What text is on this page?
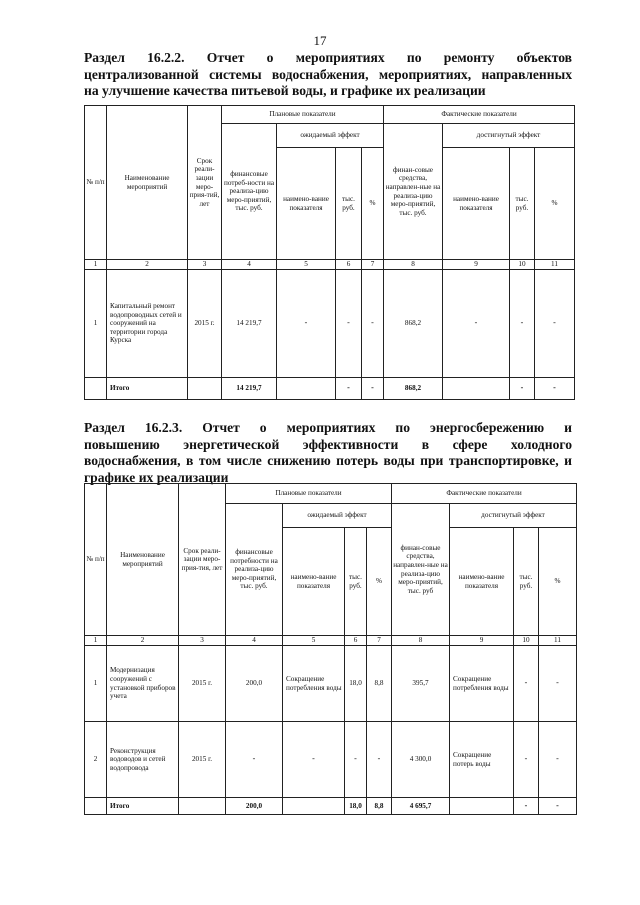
17
Раздел 16.2.2. Отчет о мероприятиях по ремонту объектов
централизованной системы водоснабжения, мероприятиях, направленных

на улучшение качества питьевой воды, и графике их реализации
№ п/п	Наименование мероприятий	Срок реали-зации меро-прия-тий, лет	Плановые показатели				Фактические показатели			
			финансовые потреб-ности на реализа-цию меро-приятий, тыс. руб.	ожидаемый эффект			финан-совые средства, направлен-ные на реализа-цию меро-приятий, тыс. руб.	достигнутый эффект		
				наимено-вание показателя	тыс. руб.	%		наимено-вание показателя	тыс. руб.	%
1	2	3	4	5	6	7	8	9	10	11
1	Капитальный ремонт водопроводных сетей и сооружений на территории города Курска	2015 г.	14 219,7	-	-	-	868,2	-	-	-
	Итого		14 219,7		-	-	868,2		-	-
Раздел 16.2.3. Отчет о мероприятиях по энергосбережению и
повышению энергетической эффективности в сфере холодного
водоснабжения, в том числе снижению потерь воды при транспортировке, и

графике их реализации
№ п/п	Наименование мероприятий	Срок реали-зации меро-прия-тия, лет	Плановые показатели				Фактические показатели			
			финансовые потребности на реализа-цию меро-приятий, тыс. руб.	ожидаемый эффект			финан-совые средства, направлен-ные на реализа-цию меро-приятий, тыс. руб	достигнутый эффект		
				наимено-вание показателя	тыс. руб.	%		наимено-вание показателя	тыс. руб.	%
1	2	3	4	5	6	7	8	9	10	11
1	Модернизация сооружений с установкой приборов учета	2015 г.	200,0	Сокращение потребления воды	18,0	8,8	395,7	Сокращение потребления воды	-	-
2	Реконструкция водоводов и сетей водопровода	2015 г.	-	-	-	-	4 300,0	Сокращение потерь воды	-	-
	Итого		200,0		18,0	8,8	4 695,7		-	-
